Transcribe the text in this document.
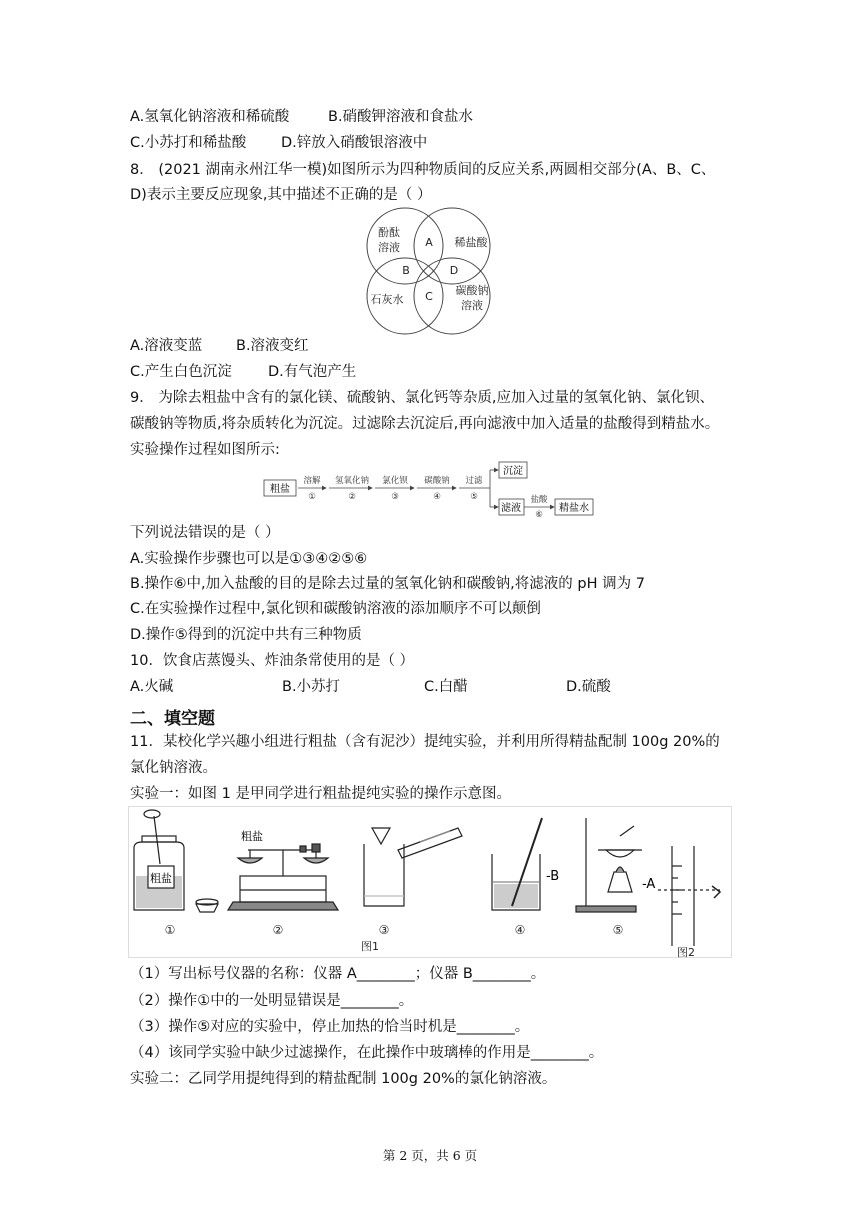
A.氢氧化钠溶液和稀硫酸	B.硝酸钾溶液和食盐水
C.小苏打和稀盐酸 D.锌放入硝酸银溶液中
8． (2021 湖南永州江华一模)如图所示为四种物质间的反应关系,两圆相交部分(A、B、C、
D)表示主要反应现象,其中描述不正确的是（ ）
酚酞
溶液	稀盐酸
石灰水
碳酸钠
溶液
A
B
C
D
A.溶液变蓝 B.溶液变红
C.产生白色沉淀	D.有气泡产生
9． 为除去粗盐中含有的氯化镁、硫酸钠、氯化钙等杂质,应加入过量的氢氧化钠、氯化钡、
碳酸钠等物质,将杂质转化为沉淀。过滤除去沉淀后,再向滤液中加入适量的盐酸得到精盐水。
实验操作过程如图所示:
粗盐
溶解
①
氢氧化钠
②
氯化钡
③
碳酸钠
④
过滤
⑤	盐酸
⑥
沉淀
滤液	精盐水
下列说法错误的是（ ）
A.实验操作步骤也可以是①③④②⑤⑥
B.操作⑥中,加入盐酸的目的是除去过量的氢氧化钠和碳酸钠,将滤液的 pH 调为 7
C.在实验操作过程中,氯化钡和碳酸钠溶液的添加顺序不可以颠倒
D.操作⑤得到的沉淀中共有三种物质
10．饮食店蒸馒头、炸油条常使用的是（ ）
A.火碱	B.小苏打	C.白醋	D.硫酸
二、填空题
11．某校化学兴趣小组进行粗盐（含有泥沙）提纯实验，并利用所得精盐配制 100g 20%的
氯化钠溶液。
实验一：如图 1 是甲同学进行粗盐提纯实验的操作示意图。
粗盐
粗盐
-B
-A
①	②	③	④	⑤
图1	图2
（1）写出标号仪器的名称：仪器 A________；仪器 B________。
（2）操作①中的一处明显错误是________。
（3）操作⑤对应的实验中，停止加热的恰当时机是________。
（4）该同学实验中缺少过滤操作，在此操作中玻璃棒的作用是________。
实验二：乙同学用提纯得到的精盐配制 100g 20%的氯化钠溶液。
第 2 页，共 6 页
